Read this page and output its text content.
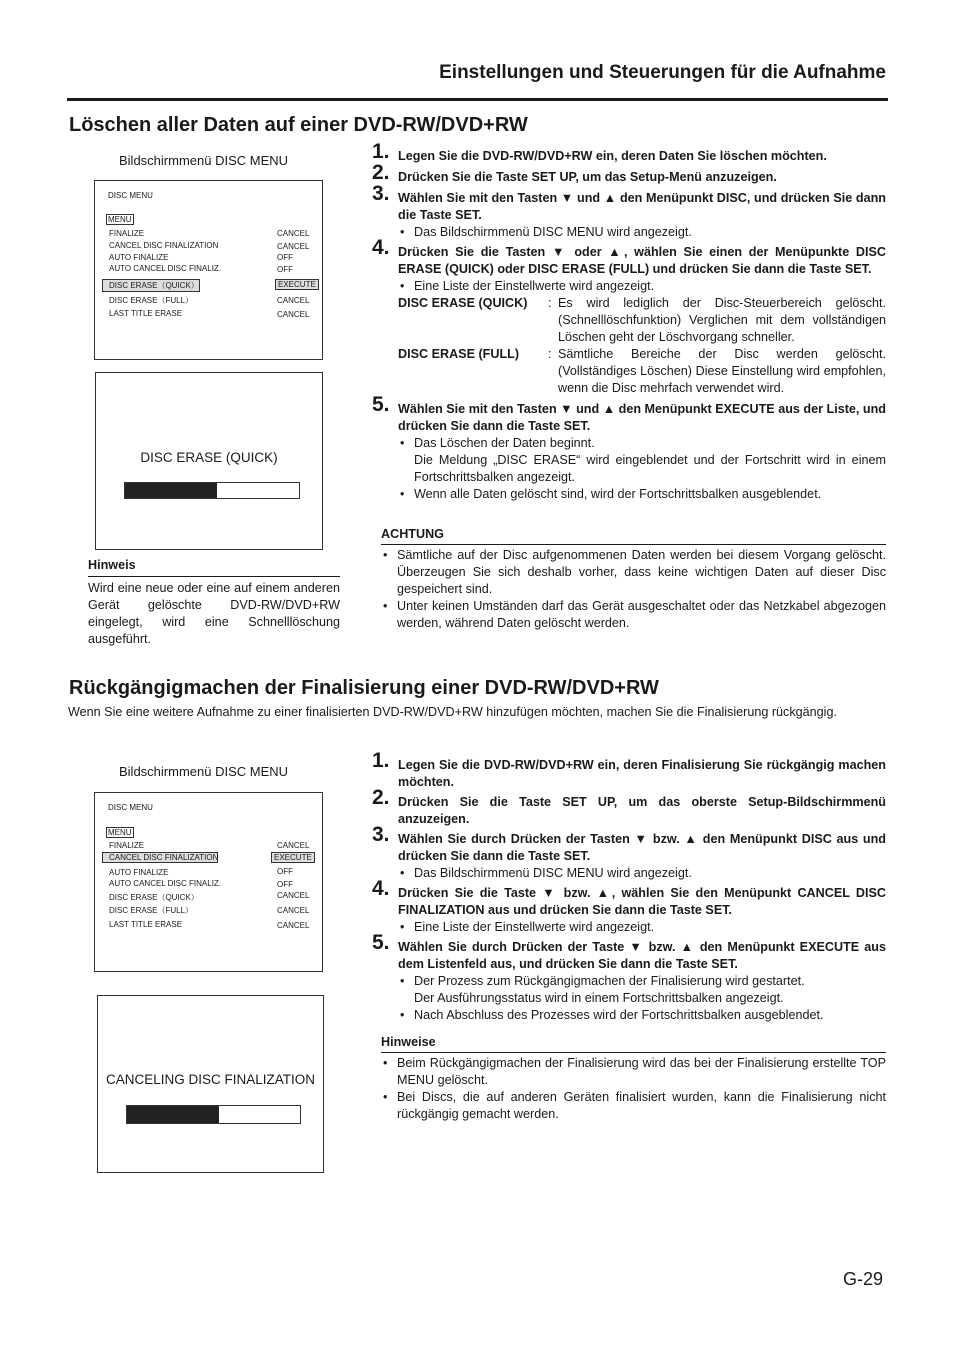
Einstellungen und Steuerungen für die Aufnahme
Löschen aller Daten auf einer DVD-RW/DVD+RW
Bildschirmmenü DISC MENU
DISC MENU
MENU
FINALIZE	CANCEL
CANCEL DISC FINALIZATION	CANCEL
AUTO FINALIZE	OFF
AUTO CANCEL DISC FINALIZ.	OFF
DISC ERASE（QUICK）	EXECUTE
DISC ERASE（FULL）	CANCEL
LAST TITLE ERASE	CANCEL
DISC ERASE (QUICK)
Hinweis
Wird eine neue oder eine auf einem anderen Gerät gelöschte DVD-RW/DVD+RW eingelegt, wird eine Schnelllöschung ausgeführt.
1. Legen Sie die DVD-RW/DVD+RW ein, deren Daten Sie löschen möchten.
2. Drücken Sie die Taste SET UP, um das Setup-Menü anzuzeigen.
3. Wählen Sie mit den Tasten ▼ und ▲ den Menüpunkt DISC, und drücken Sie dann die Taste SET.
• Das Bildschirmmenü DISC MENU wird angezeigt.
4. Drücken Sie die Tasten ▼ oder ▲, wählen Sie einen der Menüpunkte DISC ERASE (QUICK) oder DISC ERASE (FULL) und drücken Sie dann die Taste SET.
• Eine Liste der Einstellwerte wird angezeigt.
DISC ERASE (QUICK)	: Es wird lediglich der Disc-Steuerbereich gelöscht. (Schnelllöschfunktion) Verglichen mit dem vollständigen Löschen geht der Löschvorgang schneller.
DISC ERASE (FULL)	: Sämtliche Bereiche der Disc werden gelöscht. (Vollständiges Löschen) Diese Einstellung wird empfohlen, wenn die Disc mehrfach verwendet wird.
5. Wählen Sie mit den Tasten ▼ und ▲ den Menüpunkt EXECUTE aus der Liste, und drücken Sie dann die Taste SET.
• Das Löschen der Daten beginnt.
Die Meldung „DISC ERASE“ wird eingeblendet und der Fortschritt wird in einem Fortschrittsbalken angezeigt.
• Wenn alle Daten gelöscht sind, wird der Fortschrittsbalken ausgeblendet.
ACHTUNG
• Sämtliche auf der Disc aufgenommenen Daten werden bei diesem Vorgang gelöscht. Überzeugen Sie sich deshalb vorher, dass keine wichtigen Daten auf dieser Disc gespeichert sind.
• Unter keinen Umständen darf das Gerät ausgeschaltet oder das Netzkabel abgezogen werden, während Daten gelöscht werden.
Rückgängigmachen der Finalisierung einer DVD-RW/DVD+RW
Wenn Sie eine weitere Aufnahme zu einer finalisierten DVD-RW/DVD+RW hinzufügen möchten, machen Sie die Finalisierung rückgängig.
Bildschirmmenü DISC MENU
DISC MENU
MENU
FINALIZE	CANCEL
CANCEL DISC FINALIZATION	EXECUTE
AUTO FINALIZE	OFF
AUTO CANCEL DISC FINALIZ.	OFF
DISC ERASE（QUICK）	CANCEL
DISC ERASE（FULL）	CANCEL
LAST TITLE ERASE	CANCEL
CANCELING DISC FINALIZATION
1. Legen Sie die DVD-RW/DVD+RW ein, deren Finalisierung Sie rückgängig machen möchten.
2. Drücken Sie die Taste SET UP, um das oberste Setup-Bildschirmmenü anzuzeigen.
3. Wählen Sie durch Drücken der Tasten ▼ bzw. ▲ den Menüpunkt DISC aus und drücken Sie dann die Taste SET.
• Das Bildschirmmenü DISC MENU wird angezeigt.
4. Drücken Sie die Taste ▼ bzw. ▲, wählen Sie den Menüpunkt CANCEL DISC FINALIZATION aus und drücken Sie dann die Taste SET.
• Eine Liste der Einstellwerte wird angezeigt.
5. Wählen Sie durch Drücken der Taste ▼ bzw. ▲ den Menüpunkt EXECUTE aus dem Listenfeld aus, und drücken Sie dann die Taste SET.
• Der Prozess zum Rückgängigmachen der Finalisierung wird gestartet.
Der Ausführungsstatus wird in einem Fortschrittsbalken angezeigt.
• Nach Abschluss des Prozesses wird der Fortschrittsbalken ausgeblendet.
Hinweise
• Beim Rückgängigmachen der Finalisierung wird das bei der Finalisierung erstellte TOP MENU gelöscht.
• Bei Discs, die auf anderen Geräten finalisiert wurden, kann die Finalisierung nicht rückgängig gemacht werden.
G-29
